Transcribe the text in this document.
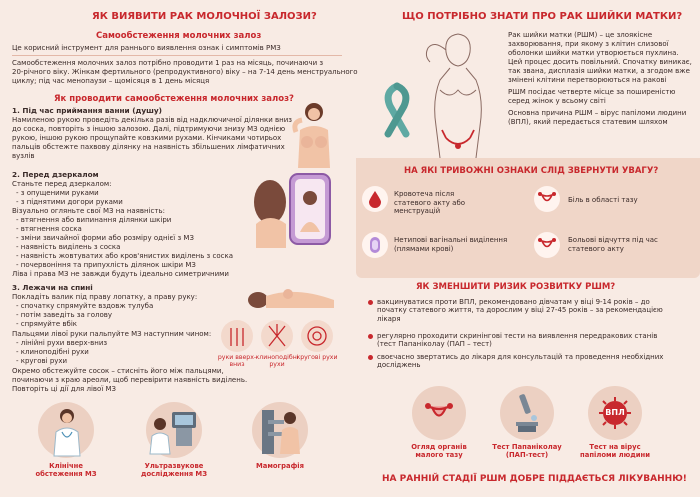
ЯК ВИЯВИТИ РАК МОЛОЧНОЇ ЗАЛОЗИ?
Самообстеження молочних залоз
Це корисний інструмент для раннього виявлення ознак і симптомів РМЗ
Самообстеження молочних залоз потрібно проводити 1 раз на місяць, починаючи з
20-річного віку. Жінкам фертильного (репродуктивного) віку – на 7-14 день менструального
циклу; під час менопаузи – щомісяця в 1 день місяця
Як проводити самообстеження молочних залоз?
1. Під час приймання ванни (душу)
Намиленою рукою проведіть декілька разів від надключичної ділянки вниз
до соска, повторіть з іншою залозою. Далі, підтримуючи знизу МЗ однією
рукою, іншою рукою прощупайте ковзкими рухами. Кінчиками чотирьох
пальців обстежте пахвову ділянку на наявність збільшених лімфатичних
вузлів
2. Перед дзеркалом
Станьте перед дзеркалом:
- з опущеними руками
- з піднятими догори руками
Візуально огляньте свої МЗ на наявність:
- втягнення або випинання ділянки шкіри
- втягнення соска
- зміни звичайної форми або розміру однієї з МЗ
- наявність виділень з соска
- наявність жовтуватих або кров'янистих виділень з соска
- почервоніння та припухлість ділянок шкіри МЗ
Ліва і права МЗ не завжди будуть ідеально симетричними
3. Лежачи на спині
Покладіть валик під праву лопатку, а праву руку:
- спочатку спрямуйте вздовж тулуба
- потім заведіть за голову
- спрямуйте вбік
Пальцями лівої руки пальпуйте МЗ наступним чином:
- лінійні рухи вверх-вниз
- клиноподібні рухи
- кругові рухи
Окремо обстежуйте сосок – стисніть його між пальцями,
починаючи з краю ареоли, щоб перевірити наявність виділень.
Повторіть ці дії для лівої МЗ
руки вверх-вниз
клиноподібні рухи
кругові рухи
Клінічне обстеження МЗ
Ультразвукове дослідження МЗ
Мамографія
ЩО ПОТРІБНО ЗНАТИ ПРО РАК ШИЙКИ МАТКИ?
Рак шийки матки (РШМ) – це злоякісне
захворювання, при якому з клітин слизової
оболонки шийки матки утворюється пухлина.
Цей процес досить повільний. Спочатку виникає,
так звана, дисплазія шийки матки, а згодом вже
змінені клітини перетворюються на ракові
РШМ посідає четверте місце за поширеністю
серед жінок у всьому світі
Основна причина РШМ – вірус папіломи людини
(ВПЛ), який передається статевим шляхом
НА ЯКІ ТРИВОЖНІ ОЗНАКИ СЛІД ЗВЕРНУТИ УВАГУ?
Кровотеча після статевого акту або менструацій
Біль в області тазу
Нетипові вагінальні виділення (плямами крові)
Больові відчуття під час статевого акту
ЯК ЗМЕНШИТИ РИЗИК РОЗВИТКУ РШМ?
вакцинуватися проти ВПЛ, рекомендовано дівчатам у віці 9-14 років – до початку статевого життя, та дорослим у віці 27-45 років – за рекомендацією лікаря
регулярно проходити скринінгові тести на виявлення передракових станів (тест Папаніколау (ПАП – тест)
своєчасно звертатись до лікаря для консультацій та проведення необхідних досліджень
ВПЛ
Огляд органів малого тазу
Тест Папаніколау (ПАП-тест)
Тест на вірус папіломи людини
НА РАННІЙ СТАДІЇ РШМ ДОБРЕ ПІДДАЄТЬСЯ ЛІКУВАННЮ!
